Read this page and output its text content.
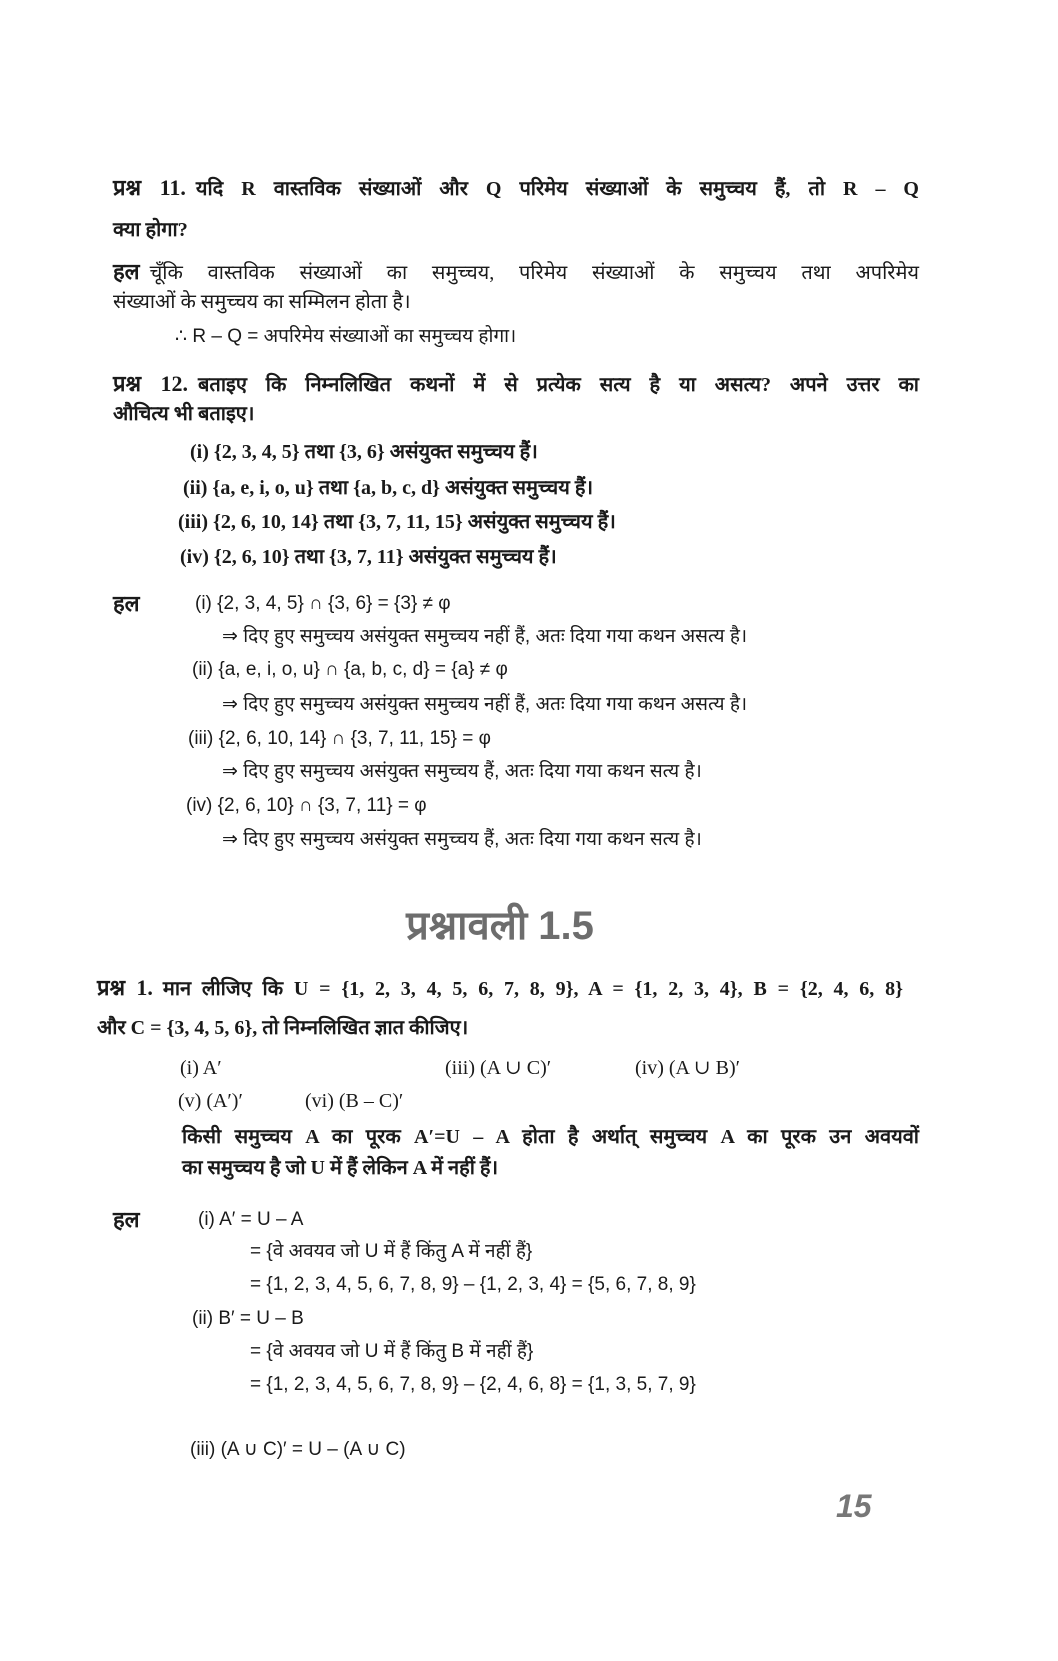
प्रश्न 11. यदि R वास्तविक संख्याओं और Q परिमेय संख्याओं के समुच्चय हैं, तो R – Q
क्या होगा?
हल चूँकि वास्तविक संख्याओं का समुच्चय, परिमेय संख्याओं के समुच्चय तथा अपरिमेय
संख्याओं के समुच्चय का सम्मिलन होता है।
∴ R – Q = अपरिमेय संख्याओं का समुच्चय होगा।
प्रश्न 12. बताइए कि निम्नलिखित कथनों में से प्रत्येक सत्य है या असत्य? अपने उत्तर का
औचित्य भी बताइए।
(i) {2, 3, 4, 5} तथा {3, 6} असंयुक्त समुच्चय हैं।
(ii) {a, e, i, o, u} तथा {a, b, c, d} असंयुक्त समुच्चय हैं।
(iii) {2, 6, 10, 14} तथा {3, 7, 11, 15} असंयुक्त समुच्चय हैं।
(iv) {2, 6, 10} तथा {3, 7, 11} असंयुक्त समुच्चय हैं।
हल	(i) {2, 3, 4, 5} ∩ {3, 6} = {3} ≠ φ
⇒ दिए हुए समुच्चय असंयुक्त समुच्चय नहीं हैं, अतः दिया गया कथन असत्य है।
(ii) {a, e, i, o, u} ∩ {a, b, c, d} = {a} ≠ φ
⇒ दिए हुए समुच्चय असंयुक्त समुच्चय नहीं हैं, अतः दिया गया कथन असत्य है।
(iii) {2, 6, 10, 14} ∩ {3, 7, 11, 15} = φ
⇒ दिए हुए समुच्चय असंयुक्त समुच्चय हैं, अतः दिया गया कथन सत्य है।
(iv) {2, 6, 10} ∩ {3, 7, 11} = φ
⇒ दिए हुए समुच्चय असंयुक्त समुच्चय हैं, अतः दिया गया कथन सत्य है।
प्रश्नावली 1.5
प्रश्न 1. मान लीजिए कि U = {1, 2, 3, 4, 5, 6, 7, 8, 9}, A = {1, 2, 3, 4}, B = {2, 4, 6, 8}
और C = {3, 4, 5, 6}, तो निम्नलिखित ज्ञात कीजिए।
(i) A′	(iii) (A ∪ C)′	(iv) (A ∪ B)′
(v) (A′)′	(vi) (B – C)′
किसी समुच्चय A का पूरक A′=U – A होता है अर्थात् समुच्चय A का पूरक उन अवयवों
का समुच्चय है जो U में हैं लेकिन A में नहीं हैं।
हल	(i) A′ = U – A
= {वे अवयव जो U में हैं किंतु A में नहीं हैं}
= {1, 2, 3, 4, 5, 6, 7, 8, 9} – {1, 2, 3, 4} = {5, 6, 7, 8, 9}
(ii) B′ = U – B
= {वे अवयव जो U में हैं किंतु B में नहीं हैं}
= {1, 2, 3, 4, 5, 6, 7, 8, 9} – {2, 4, 6, 8} = {1, 3, 5, 7, 9}
(iii) (A ∪ C)′ = U – (A ∪ C)
15
